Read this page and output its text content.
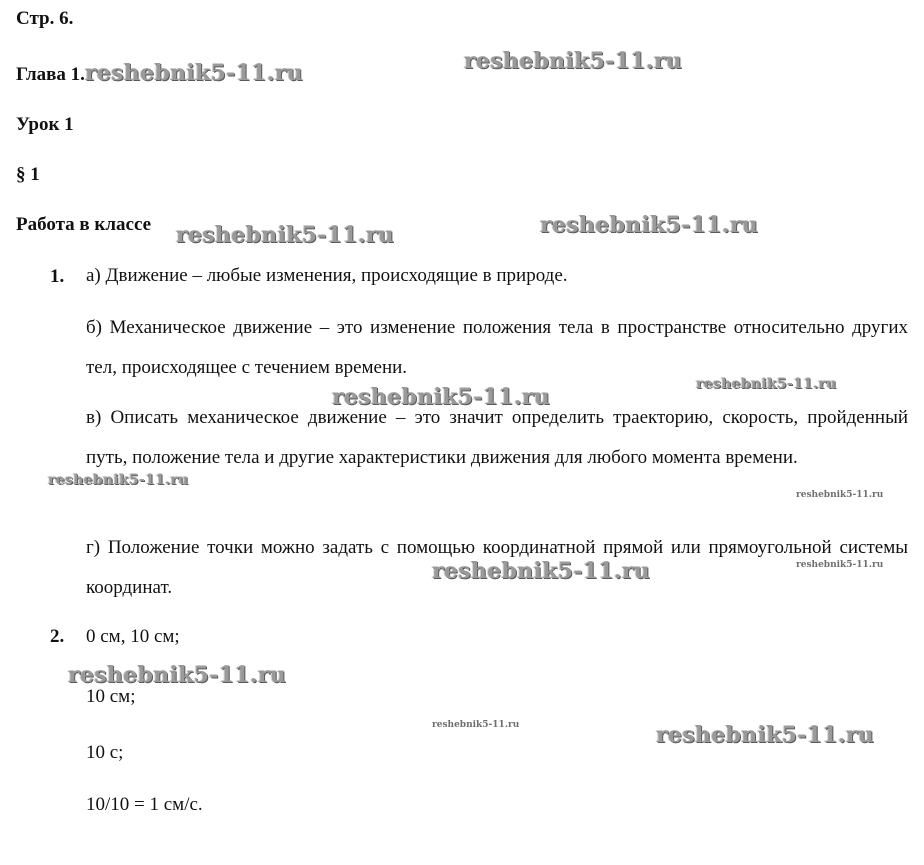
Стр. 6.
Глава 1.reshebnik5-11.ru
Урок 1
§ 1
Работа в классе
1. а) Движение – любые изменения, происходящие в природе.
б) Механическое движение – это изменение положения тела в пространстве относительно других тел, происходящее с течением времени.
в) Описать механическое движение – это значит определить траекторию, скорость, пройденный путь, положение тела и другие характеристики движения для любого момента времени.
г) Положение точки можно задать с помощью координатной прямой или прямоугольной системы координат.
2. 0 см, 10 см;
10 см;
10 с;
10/10 = 1 см/с.
reshebnik5-11.ru
reshebnik5-11.ru	reshebnik5-11.ru
reshebnik5-11.ru	reshebnik5-11.ru
reshebnik5-11.ru
reshebnik5-11.ru
reshebnik5-11.ru
reshebnik5-11.ru
reshebnik5-11.ru
reshebnik5-11.ru	reshebnik5-11.ru
